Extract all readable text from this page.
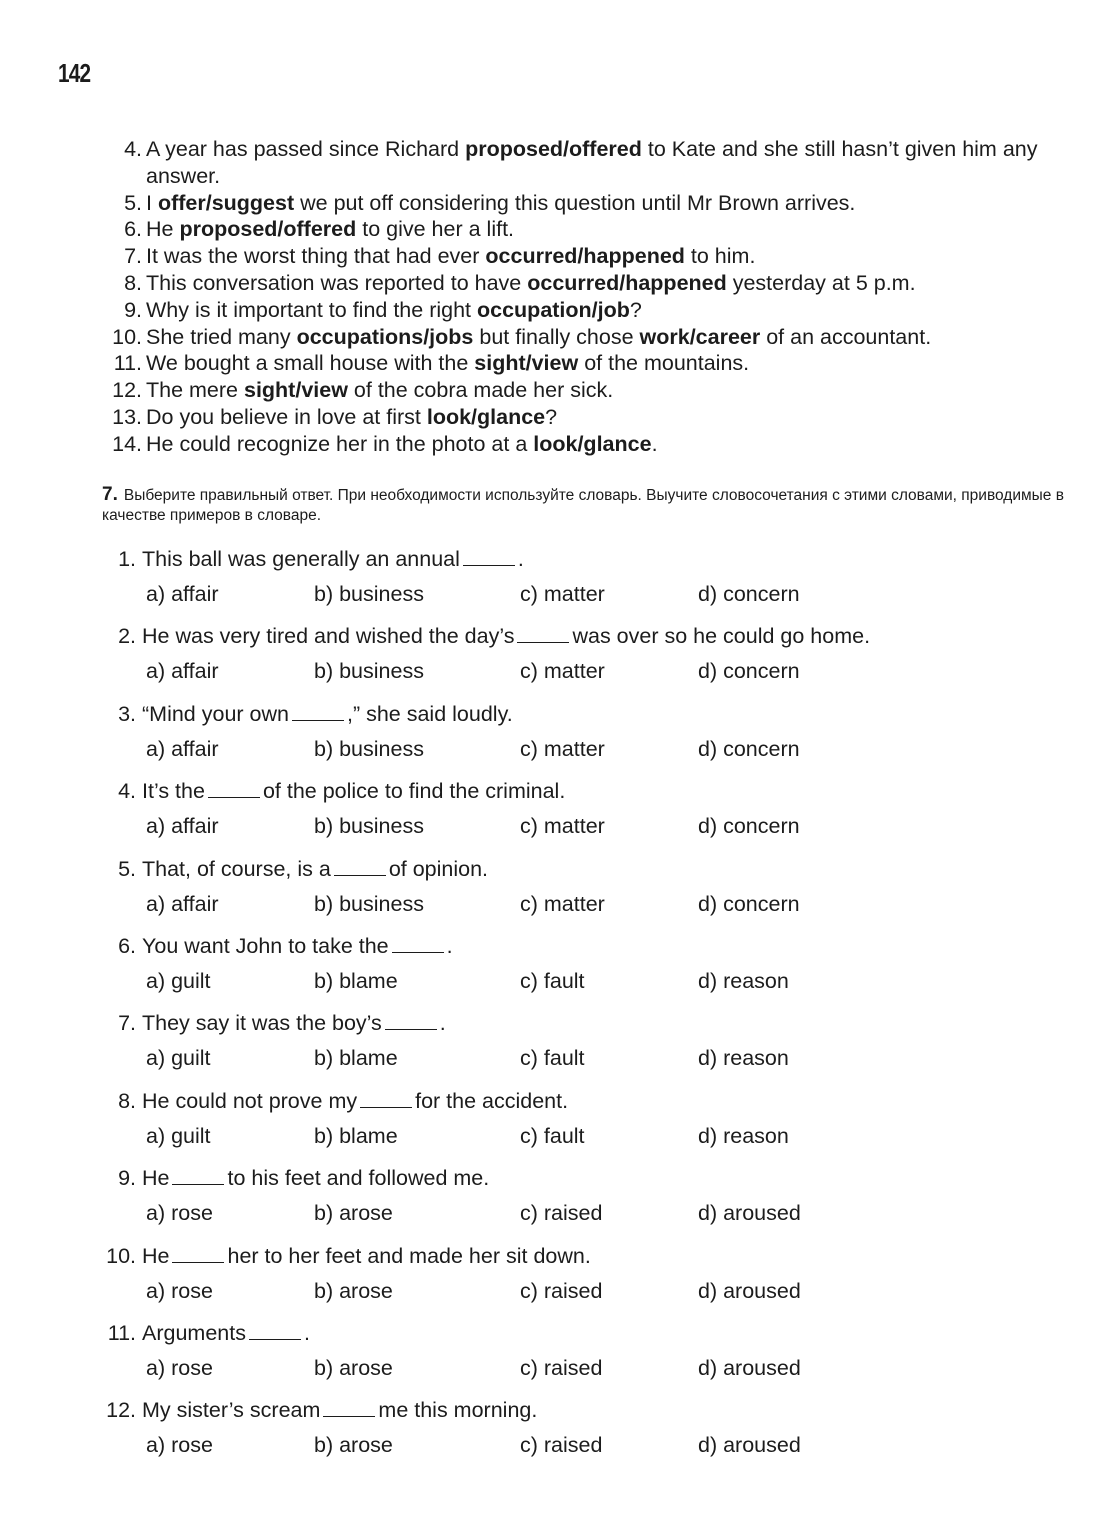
142
4. A year has passed since Richard proposed/offered to Kate and she still hasn’t given him any answer.
5. I offer/suggest we put off considering this question until Mr Brown arrives.
6. He proposed/offered to give her a lift.
7. It was the worst thing that had ever occurred/happened to him.
8. This conversation was reported to have occurred/happened yesterday at 5 p.m.
9. Why is it important to find the right occupation/job?
10. She tried many occupations/jobs but finally chose work/career of an accountant.
11. We bought a small house with the sight/view of the mountains.
12. The mere sight/view of the cobra made her sick.
13. Do you believe in love at first look/glance?
14. He could recognize her in the photo at a look/glance.
7. Выберите правильный ответ. При необходимости используйте словарь. Выучите словосочетания с этими словами, приводимые в качестве примеров в словаре.
1. This ball was generally an annual	.
a) affair	b) business	c) matter	d) concern
2. He was very tired and wished the day’s	was over so he could go home.
a) affair	b) business	c) matter	d) concern
3. “Mind your own	,” she said loudly.
a) affair	b) business	c) matter	d) concern
4. It’s the	of the police to find the criminal.
a) affair	b) business	c) matter	d) concern
5. That, of course, is a	of opinion.
a) affair	b) business	c) matter	d) concern
6. You want John to take the	.
a) guilt	b) blame	c) fault	d) reason
7. They say it was the boy’s	.
a) guilt	b) blame	c) fault	d) reason
8. He could not prove my	for the accident.
a) guilt	b) blame	c) fault	d) reason
9. He	to his feet and followed me.
a) rose	b) arose	c) raised	d) aroused
10. He	her to her feet and made her sit down.
a) rose	b) arose	c) raised	d) aroused
11. Arguments	.
a) rose	b) arose	c) raised	d) aroused
12. My sister’s scream	me this morning.
a) rose	b) arose	c) raised	d) aroused
